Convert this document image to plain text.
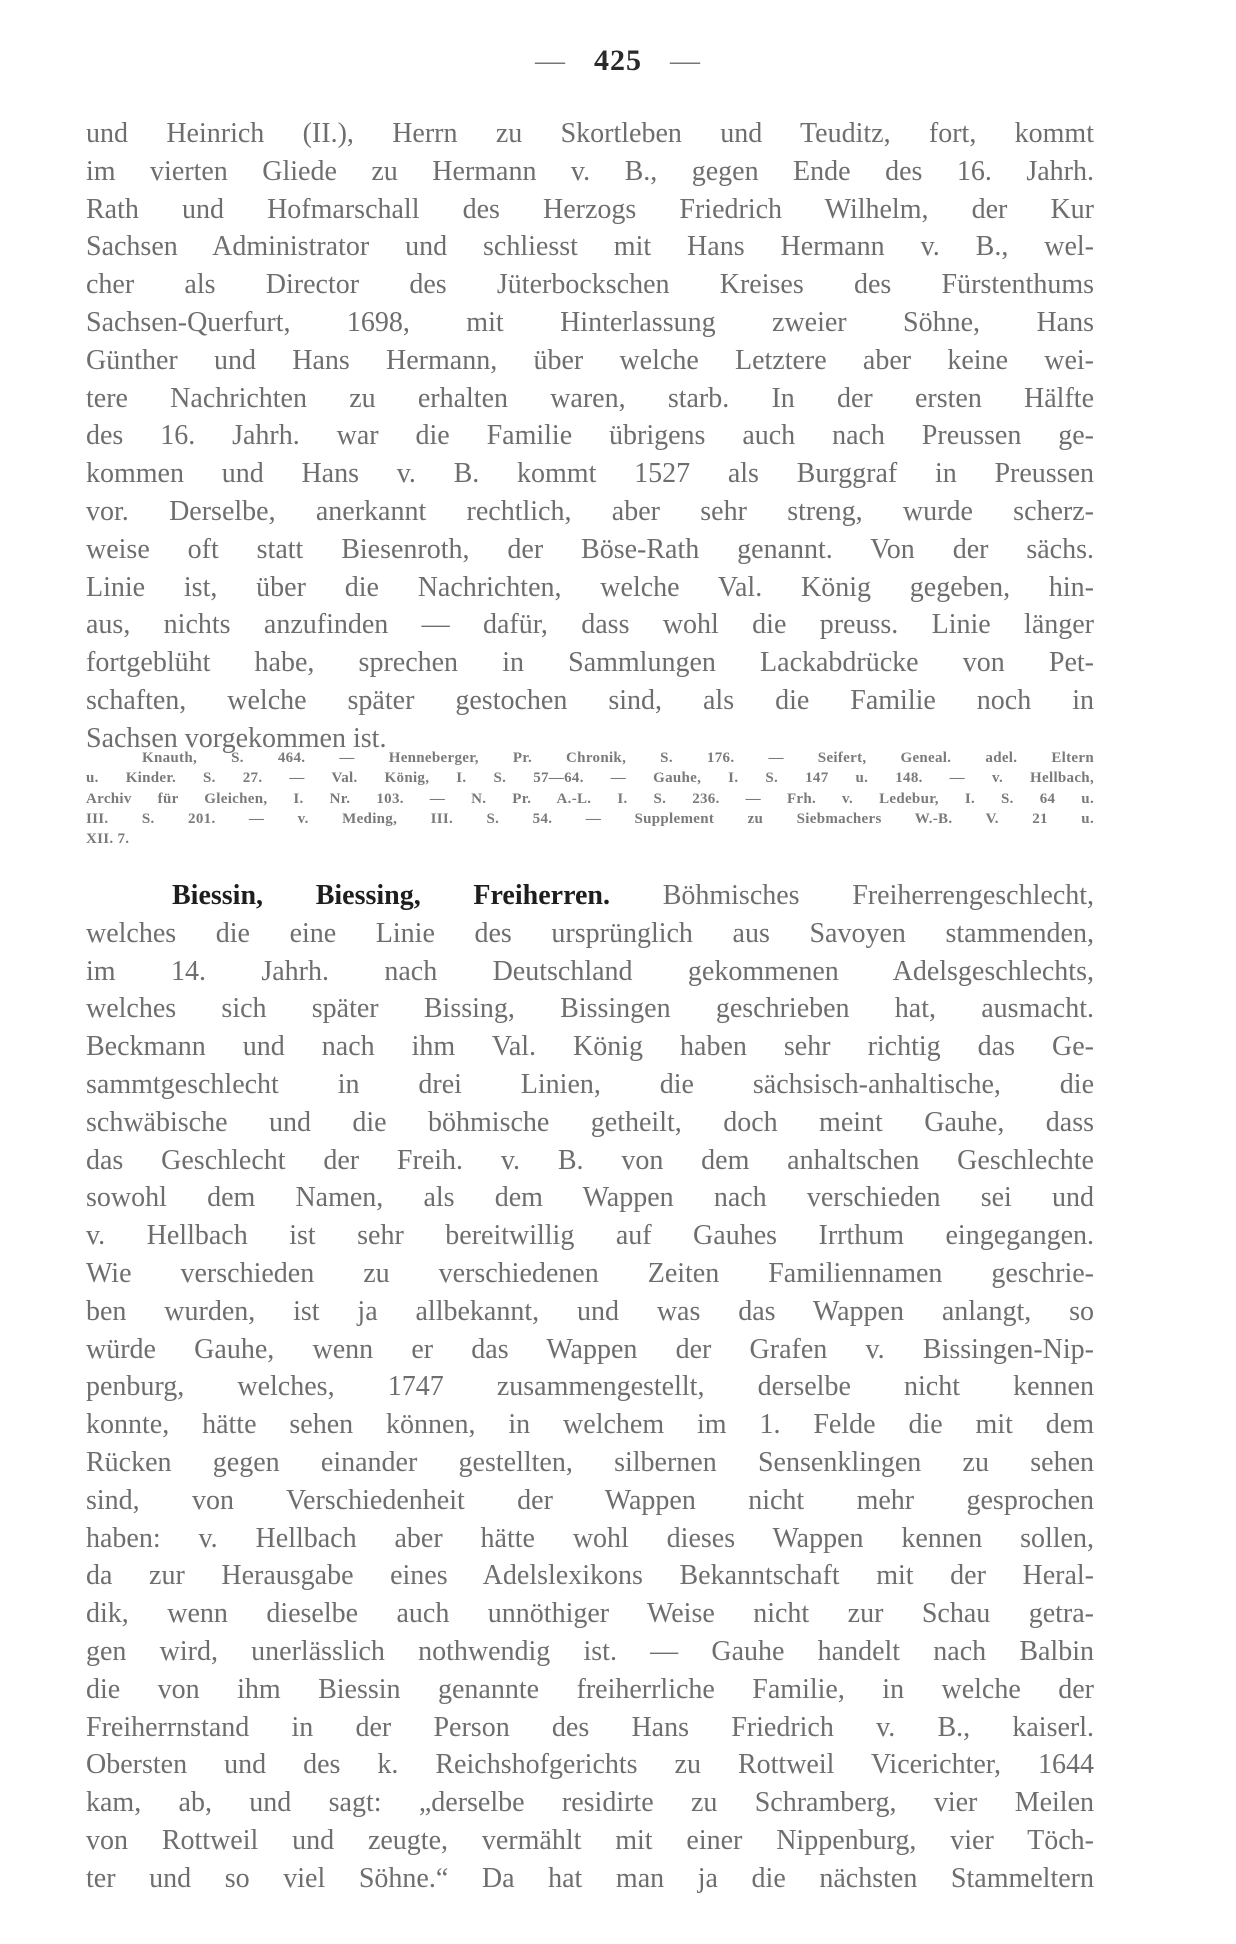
— 425 —
und Heinrich (II.), Herrn zu Skortleben und Teuditz, fort, kommt
im vierten Gliede zu Hermann v. B., gegen Ende des 16. Jahrh.
Rath und Hofmarschall des Herzogs Friedrich Wilhelm, der Kur
Sachsen Administrator und schliesst mit Hans Hermann v. B., wel-
cher als Director des Jüterbockschen Kreises des Fürstenthums
Sachsen-Querfurt, 1698, mit Hinterlassung zweier Söhne, Hans
Günther und Hans Hermann, über welche Letztere aber keine wei-
tere Nachrichten zu erhalten waren, starb. In der ersten Hälfte
des 16. Jahrh. war die Familie übrigens auch nach Preussen ge-
kommen und Hans v. B. kommt 1527 als Burggraf in Preussen
vor. Derselbe, anerkannt rechtlich, aber sehr streng, wurde scherz-
weise oft statt Biesenroth, der Böse-Rath genannt. Von der sächs.
Linie ist, über die Nachrichten, welche Val. König gegeben, hin-
aus, nichts anzufinden — dafür, dass wohl die preuss. Linie länger
fortgeblüht habe, sprechen in Sammlungen Lackabdrücke von Pet-
schaften, welche später gestochen sind, als die Familie noch in
Sachsen vorgekommen ist.
Knauth, S. 464. — Henneberger, Pr. Chronik, S. 176. — Seifert, Geneal. adel. Eltern
u. Kinder. S. 27. — Val. König, I. S. 57—64. — Gauhe, I. S. 147 u. 148. — v. Hellbach,
Archiv für Gleichen, I. Nr. 103. — N. Pr. A.-L. I. S. 236. — Frh. v. Ledebur, I. S. 64 u.
III. S. 201. — v. Meding, III. S. 54. — Supplement zu Siebmachers W.-B. V. 21 u.
XII. 7.
Biessin, Biessing, Freiherren. Böhmisches Freiherrengeschlecht,
welches die eine Linie des ursprünglich aus Savoyen stammenden,
im 14. Jahrh. nach Deutschland gekommenen Adelsgeschlechts,
welches sich später Bissing, Bissingen geschrieben hat, ausmacht.
Beckmann und nach ihm Val. König haben sehr richtig das Ge-
sammtgeschlecht in drei Linien, die sächsisch-anhaltische, die
schwäbische und die böhmische getheilt, doch meint Gauhe, dass
das Geschlecht der Freih. v. B. von dem anhaltschen Geschlechte
sowohl dem Namen, als dem Wappen nach verschieden sei und
v. Hellbach ist sehr bereitwillig auf Gauhes Irrthum eingegangen.
Wie verschieden zu verschiedenen Zeiten Familiennamen geschrie-
ben wurden, ist ja allbekannt, und was das Wappen anlangt, so
würde Gauhe, wenn er das Wappen der Grafen v. Bissingen-Nip-
penburg, welches, 1747 zusammengestellt, derselbe nicht kennen
konnte, hätte sehen können, in welchem im 1. Felde die mit dem
Rücken gegen einander gestellten, silbernen Sensenklingen zu sehen
sind, von Verschiedenheit der Wappen nicht mehr gesprochen
haben: v. Hellbach aber hätte wohl dieses Wappen kennen sollen,
da zur Herausgabe eines Adelslexikons Bekanntschaft mit der Heral-
dik, wenn dieselbe auch unnöthiger Weise nicht zur Schau getra-
gen wird, unerlässlich nothwendig ist. — Gauhe handelt nach Balbin
die von ihm Biessin genannte freiherrliche Familie, in welche der
Freiherrnstand in der Person des Hans Friedrich v. B., kaiserl.
Obersten und des k. Reichshofgerichts zu Rottweil Vicerichter, 1644
kam, ab, und sagt: „derselbe residirte zu Schramberg, vier Meilen
von Rottweil und zeugte, vermählt mit einer Nippenburg, vier Töch-
ter und so viel Söhne.“ Da hat man ja die nächsten Stammeltern
